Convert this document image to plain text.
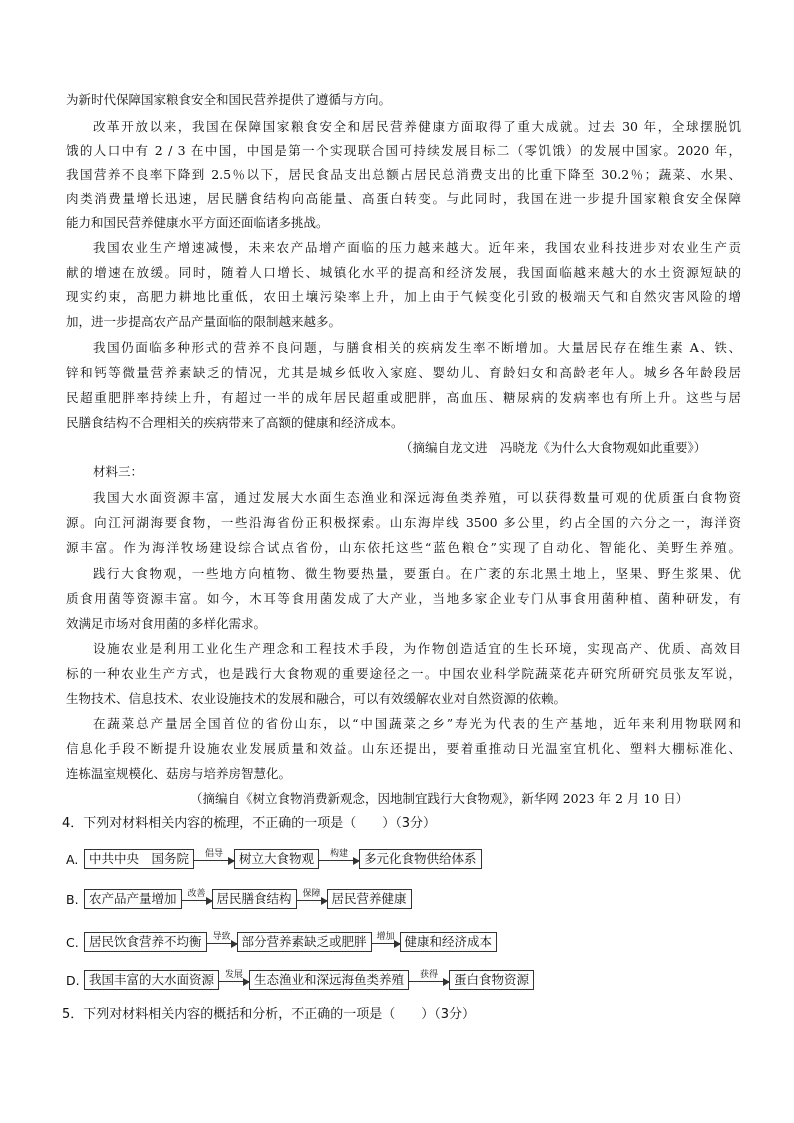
为新时代保障国家粮食安全和国民营养提供了遵循与方向。
改革开放以来，我国在保障国家粮食安全和居民营养健康方面取得了重大成就。过去 30 年，全球摆脱饥
饿的人口中有 2 / 3 在中国，中国是第一个实现联合国可持续发展目标二（零饥饿）的发展中国家。2020 年，
我国营养不良率下降到 2.5％以下，居民食品支出总额占居民总消费支出的比重下降至 30.2％；蔬菜、水果、
肉类消费量增长迅速，居民膳食结构向高能量、高蛋白转变。与此同时，我国在进一步提升国家粮食安全保障
能力和国民营养健康水平方面还面临诸多挑战。
我国农业生产增速减慢，未来农产品增产面临的压力越来越大。近年来，我国农业科技进步对农业生产贡
献的增速在放缓。同时，随着人口增长、城镇化水平的提高和经济发展，我国面临越来越大的水土资源短缺的
现实约束，高肥力耕地比重低，农田土壤污染率上升，加上由于气候变化引致的极端天气和自然灾害风险的增
加，进一步提高农产品产量面临的限制越来越多。
我国仍面临多种形式的营养不良问题，与膳食相关的疾病发生率不断增加。大量居民存在维生素 A、铁、
锌和钙等微量营养素缺乏的情况，尤其是城乡低收入家庭、婴幼儿、育龄妇女和高龄老年人。城乡各年龄段居
民超重肥胖率持续上升，有超过一半的成年居民超重或肥胖，高血压、糖尿病的发病率也有所上升。这些与居
民膳食结构不合理相关的疾病带来了高额的健康和经济成本。
（摘编自龙文进　冯晓龙《为什么大食物观如此重要》）
材料三：
我国大水面资源丰富，通过发展大水面生态渔业和深远海鱼类养殖，可以获得数量可观的优质蛋白食物资
源。向江河湖海要食物，一些沿海省份正积极探索。山东海岸线 3500 多公里，约占全国的六分之一，海洋资
源丰富。作为海洋牧场建设综合试点省份，山东依托这些“蓝色粮仓”实现了自动化、智能化、美野生养殖。
践行大食物观，一些地方向植物、微生物要热量，要蛋白。在广袤的东北黑土地上，坚果、野生浆果、优
质食用菌等资源丰富。如今，木耳等食用菌发成了大产业，当地多家企业专门从事食用菌种植、菌种研发，有
效满足市场对食用菌的多样化需求。
设施农业是利用工业化生产理念和工程技术手段，为作物创造适宜的生长环境，实现高产、优质、高效目
标的一种农业生产方式，也是践行大食物观的重要途径之一。中国农业科学院蔬菜花卉研究所研究员张友军说，
生物技术、信息技术、农业设施技术的发展和融合，可以有效缓解农业对自然资源的依赖。
在蔬菜总产量居全国首位的省份山东，以“中国蔬菜之乡”寿光为代表的生产基地，近年来利用物联网和
信息化手段不断提升设施农业发展质量和效益。山东还提出，要着重推动日光温室宜机化、塑料大棚标准化、
连栋温室规模化、菇房与培养房智慧化。
（摘编自《树立食物消费新观念，因地制宜践行大食物观》，新华网 2023 年 2 月 10 日）
4．下列对材料相关内容的梳理，不正确的一项是（　　）（3分）
A. 中共中央　国务院	倡导	树立大食物观	构建	多元化食物供给体系
B. 农产品产量增加	改善 居民膳食结构	保障 居民营养健康
C. 居民饮食营养不均衡	导致 部分营养素缺乏或肥胖	增加 健康和经济成本
D. 我国丰富的大水面资源	发展 生态渔业和深远海鱼类养殖	获得	蛋白食物资源
5．下列对材料相关内容的概括和分析，不正确的一项是（　　）（3分）
